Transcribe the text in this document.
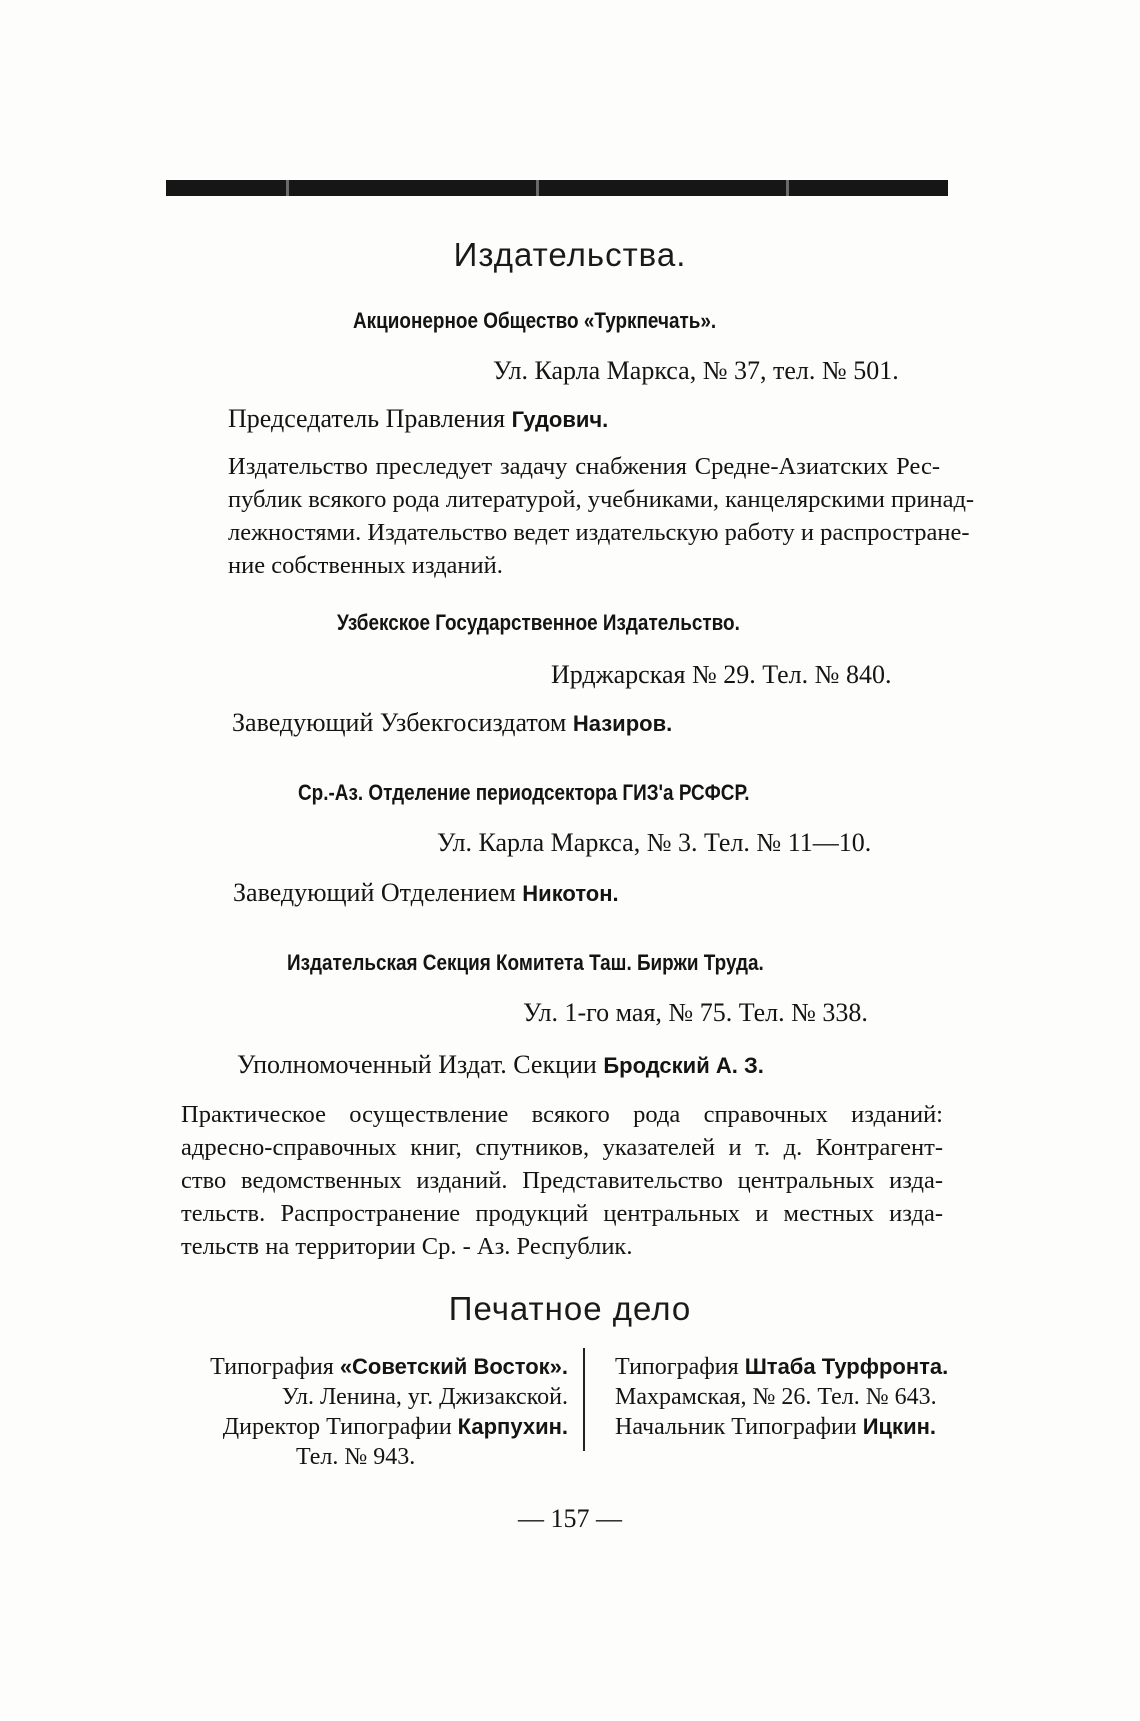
Издательства.
Акционерное Общество «Туркпечать».
Ул. Карла Маркса, № 37, тел. № 501.
Председатель Правления Гудович.
Издательство преследует задачу снабжения Средне-Азиатских Рес-
публик всякого рода литературой, учебниками, канцелярскими принад-
лежностями. Издательство ведет издательскую работу и распростране-
ние собственных изданий.
Узбекское Государственное Издательство.
Ирджарская № 29. Тел. № 840.
Заведующий Узбекгосиздатом Назиров.
Ср.-Аз. Отделение периодсектора ГИЗ'а РСФСР.
Ул. Карла Маркса, № 3. Тел. № 11—10.
Заведующий Отделением Никотон.
Издательская Секция Комитета Таш. Биржи Труда.
Ул. 1-го мая, № 75. Тел. № 338.
Уполномоченный Издат. Секции Бродский А. З.
Практическое осуществление всякого рода справочных изданий:
адресно-справочных книг, спутников, указателей и т. д. Контрагент-
ство ведомственных изданий. Представительство центральных изда-
тельств. Распространение продукций центральных и местных изда-
тельств на территории Ср. - Аз. Республик.
Печатное дело
Типография «Советский Восток».
Ул. Ленина, уг. Джизакской.
Директор Типографии Карпухин.
Тел. № 943.
Типография Штаба Турфронта.
Махрамская, № 26. Тел. № 643.
Начальник Типографии Ицкин.
— 157 —
